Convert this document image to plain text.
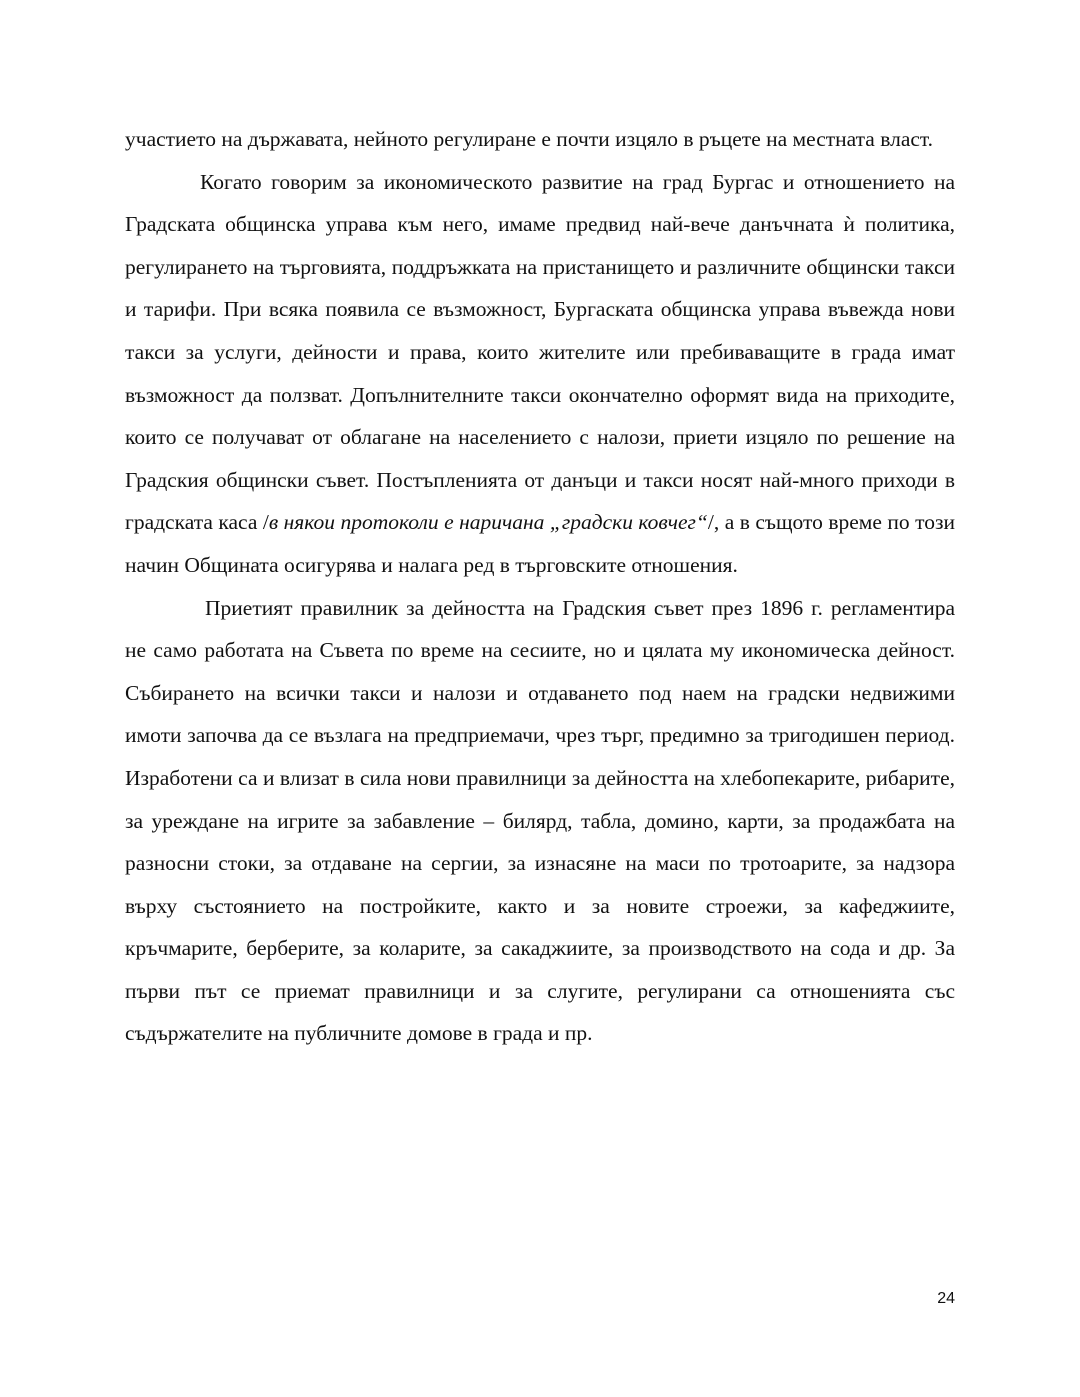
участието на държавата, нейното регулиране е почти изцяло в ръцете на местната власт.

Когато говорим за икономическото развитие на град Бургас и отношението на Градската общинска управа към него, имаме предвид най-вече данъчната ѝ политика, регулирането на търговията, поддръжката на пристанището и различните общински такси и тарифи. При всяка появила се възможност, Бургаската общинска управа въвежда нови такси за услуги, дейности и права, които жителите или пребиваващите в града имат възможност да ползват. Допълнителните такси окончателно оформят вида на приходите, които се получават от облагане на населението с налози, приети изцяло по решение на Градския общински съвет. Постъпленията от данъци и такси носят най-много приходи в градската каса /в някои протоколи е наричана „градски ковчег“/, а в същото време по този начин Общината осигурява и налага ред в търговските отношения.

Приетият правилник за дейността на Градския съвет през 1896 г. регламентира не само работата на Съвета по време на сесиите, но и цялата му икономическа дейност. Събирането на всички такси и налози и отдаването под наем на градски недвижими имоти започва да се възлага на предприемачи, чрез търг, предимно за тригодишен период. Изработени са и влизат в сила нови правилници за дейността на хлебопекарите, рибарите, за уреждане на игрите за забавление – билярд, табла, домино, карти, за продажбата на разносни стоки, за отдаване на сергии, за изнасяне на маси по тротоарите, за надзора върху състоянието на постройките, както и за новите строежи, за кафеджиите, кръчмарите, берберите, за коларите, за сакаджиите, за производството на сода и др. За първи път се приемат правилници и за слугите, регулирани са отношенията със съдържателите на публичните домове в града и пр.

24
